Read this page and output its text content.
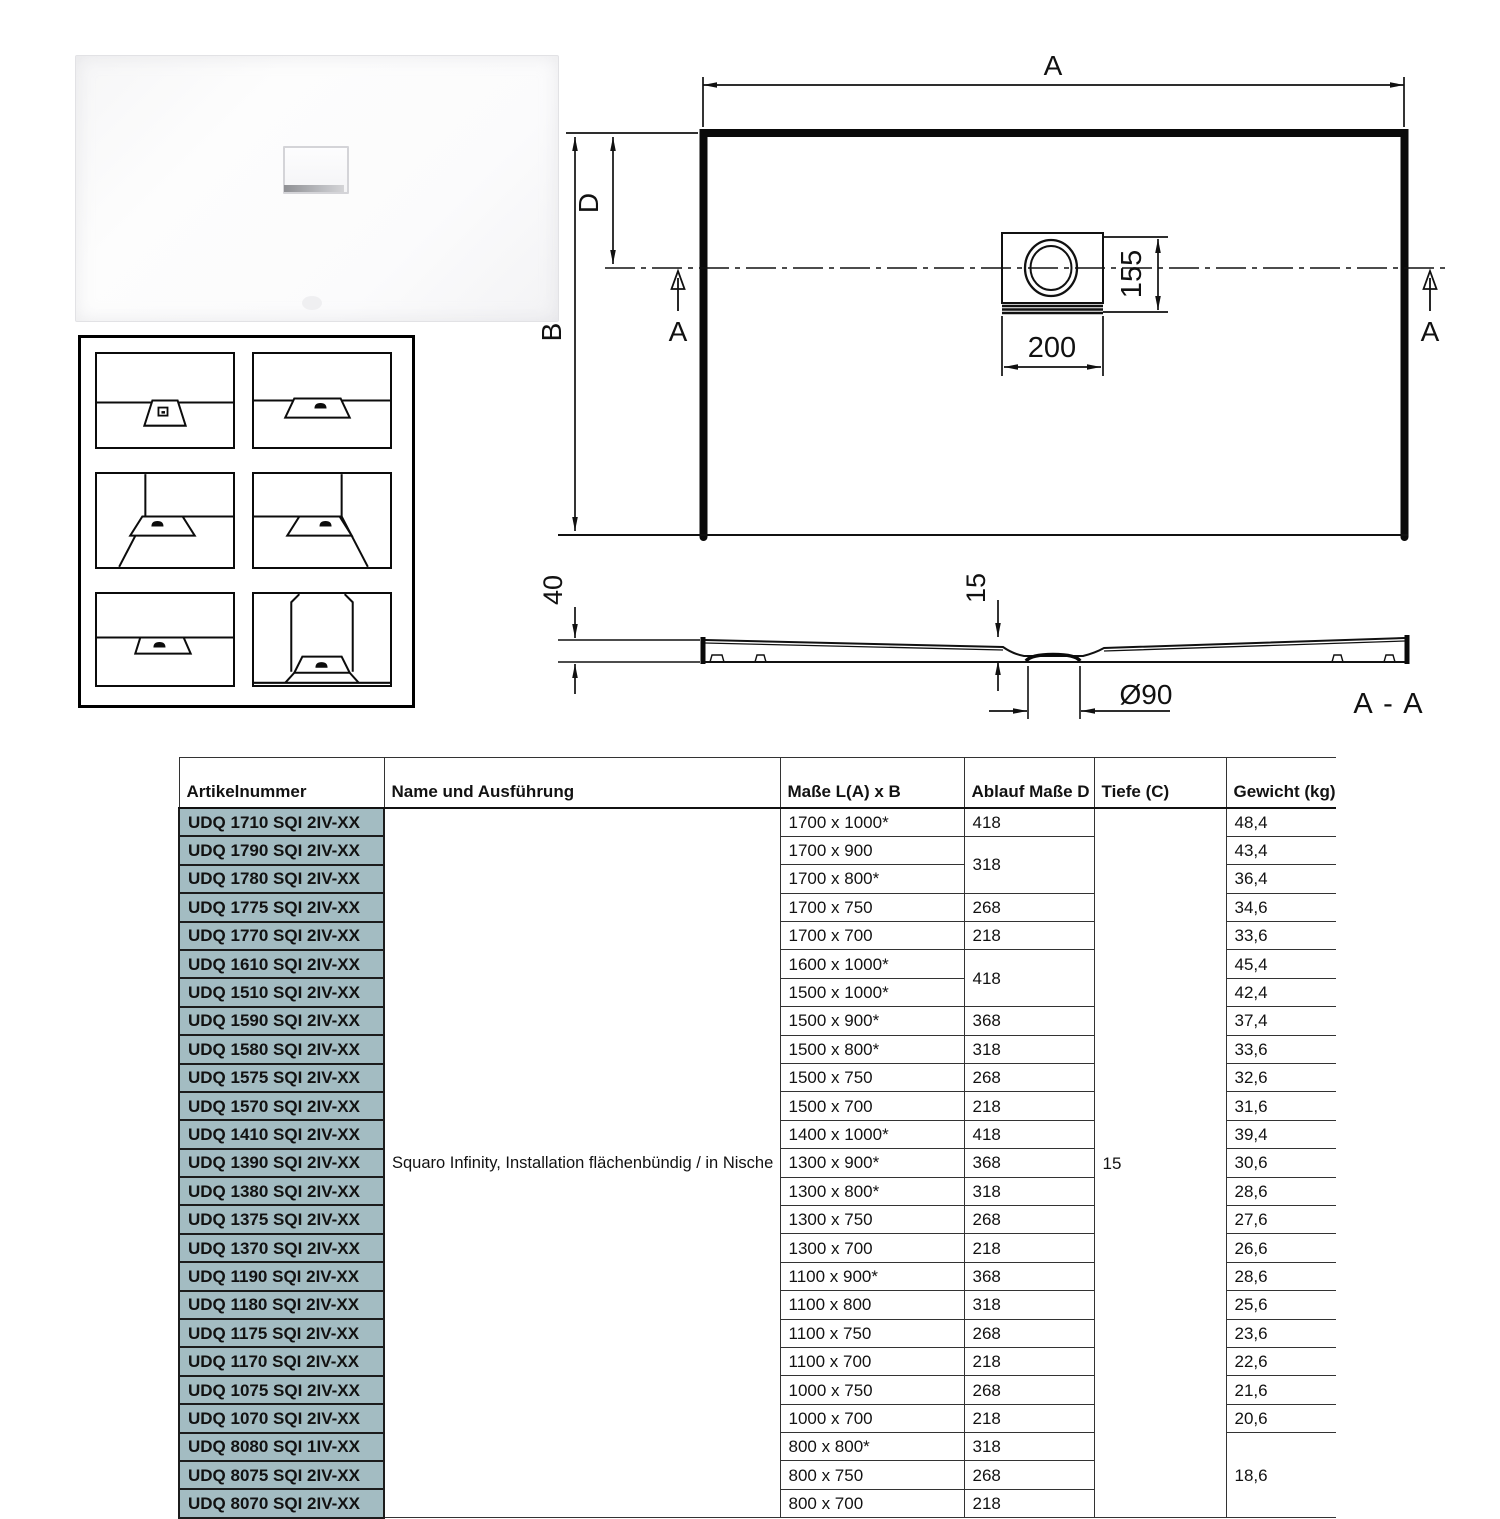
A
B
D
A	A
155
200
40	15
Ø90	A - A
Artikelnummer	Name und Ausführung	Maße L(A) x B	Ablauf Maße D	Tiefe (C)	Gewicht (kg)
UDQ 1710 SQI 2IV-XX	Squaro Infinity, Installation flächenbündig / in Nische	1700 x 1000*	418	15	48,4
UDQ 1790 SQI 2IV-XX		1700 x 900	318		43,4
UDQ 1780 SQI 2IV-XX		1700 x 800*			36,4
UDQ 1775 SQI 2IV-XX		1700 x 750	268		34,6
UDQ 1770 SQI 2IV-XX		1700 x 700	218		33,6
UDQ 1610 SQI 2IV-XX		1600 x 1000*	418		45,4
UDQ 1510 SQI 2IV-XX		1500 x 1000*			42,4
UDQ 1590 SQI 2IV-XX		1500 x 900*	368		37,4
UDQ 1580 SQI 2IV-XX		1500 x 800*	318		33,6
UDQ 1575 SQI 2IV-XX		1500 x 750	268		32,6
UDQ 1570 SQI 2IV-XX		1500 x 700	218		31,6
UDQ 1410 SQI 2IV-XX		1400 x 1000*	418		39,4
UDQ 1390 SQI 2IV-XX		1300 x 900*	368		30,6
UDQ 1380 SQI 2IV-XX		1300 x 800*	318		28,6
UDQ 1375 SQI 2IV-XX		1300 x 750	268		27,6
UDQ 1370 SQI 2IV-XX		1300 x 700	218		26,6
UDQ 1190 SQI 2IV-XX		1100 x 900*	368		28,6
UDQ 1180 SQI 2IV-XX		1100 x 800	318		25,6
UDQ 1175 SQI 2IV-XX		1100 x 750	268		23,6
UDQ 1170 SQI 2IV-XX		1100 x 700	218		22,6
UDQ 1075 SQI 2IV-XX		1000 x 750	268		21,6
UDQ 1070 SQI 2IV-XX		1000 x 700	218		20,6
UDQ 8080 SQI 1IV-XX		800 x 800*	318		18,6
UDQ 8075 SQI 2IV-XX		800 x 750	268		
UDQ 8070 SQI 2IV-XX		800 x 700	218		
